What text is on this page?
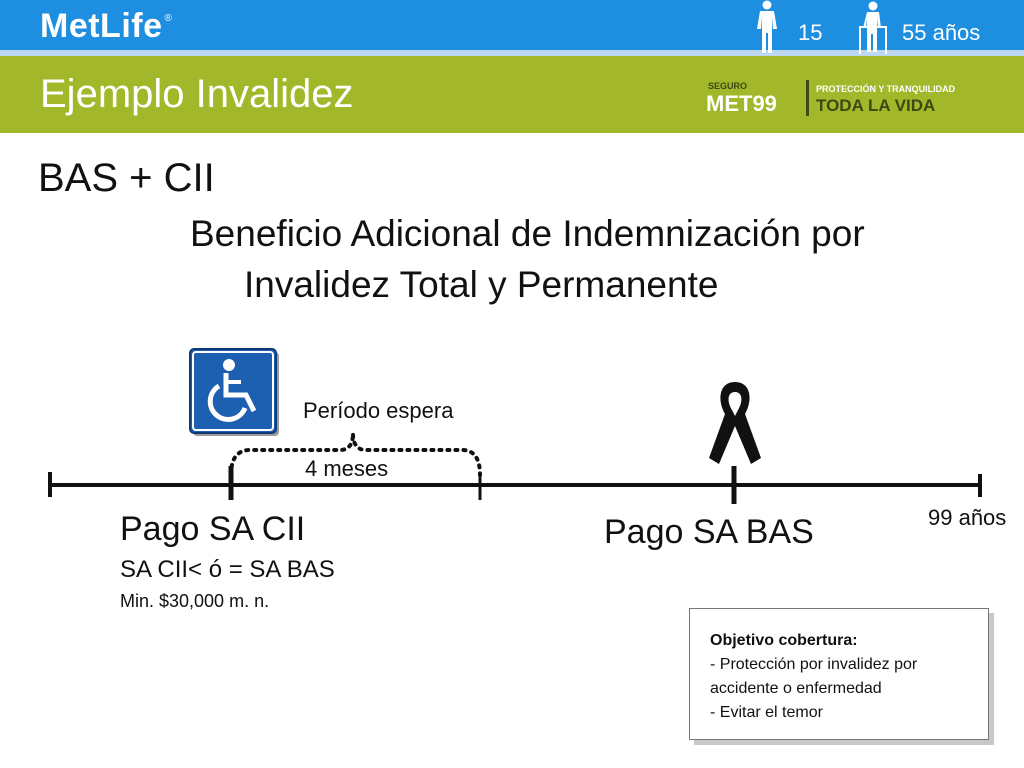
MetLife ®
15	55 años
Ejemplo Invalidez	SEGURO
MET99
PROTECCIÓN Y TRANQUILIDAD
TODA LA VIDA
BAS + CII
Beneficio Adicional de Indemnización por
Invalidez Total y Permanente
Período espera
4 meses
99 años
Pago SA CII
SA CII< ó = SA BAS
Min. $30,000 m. n.
Pago SA BAS
Objetivo cobertura:
- Protección por invalidez por
accidente o enfermedad
- Evitar el temor
